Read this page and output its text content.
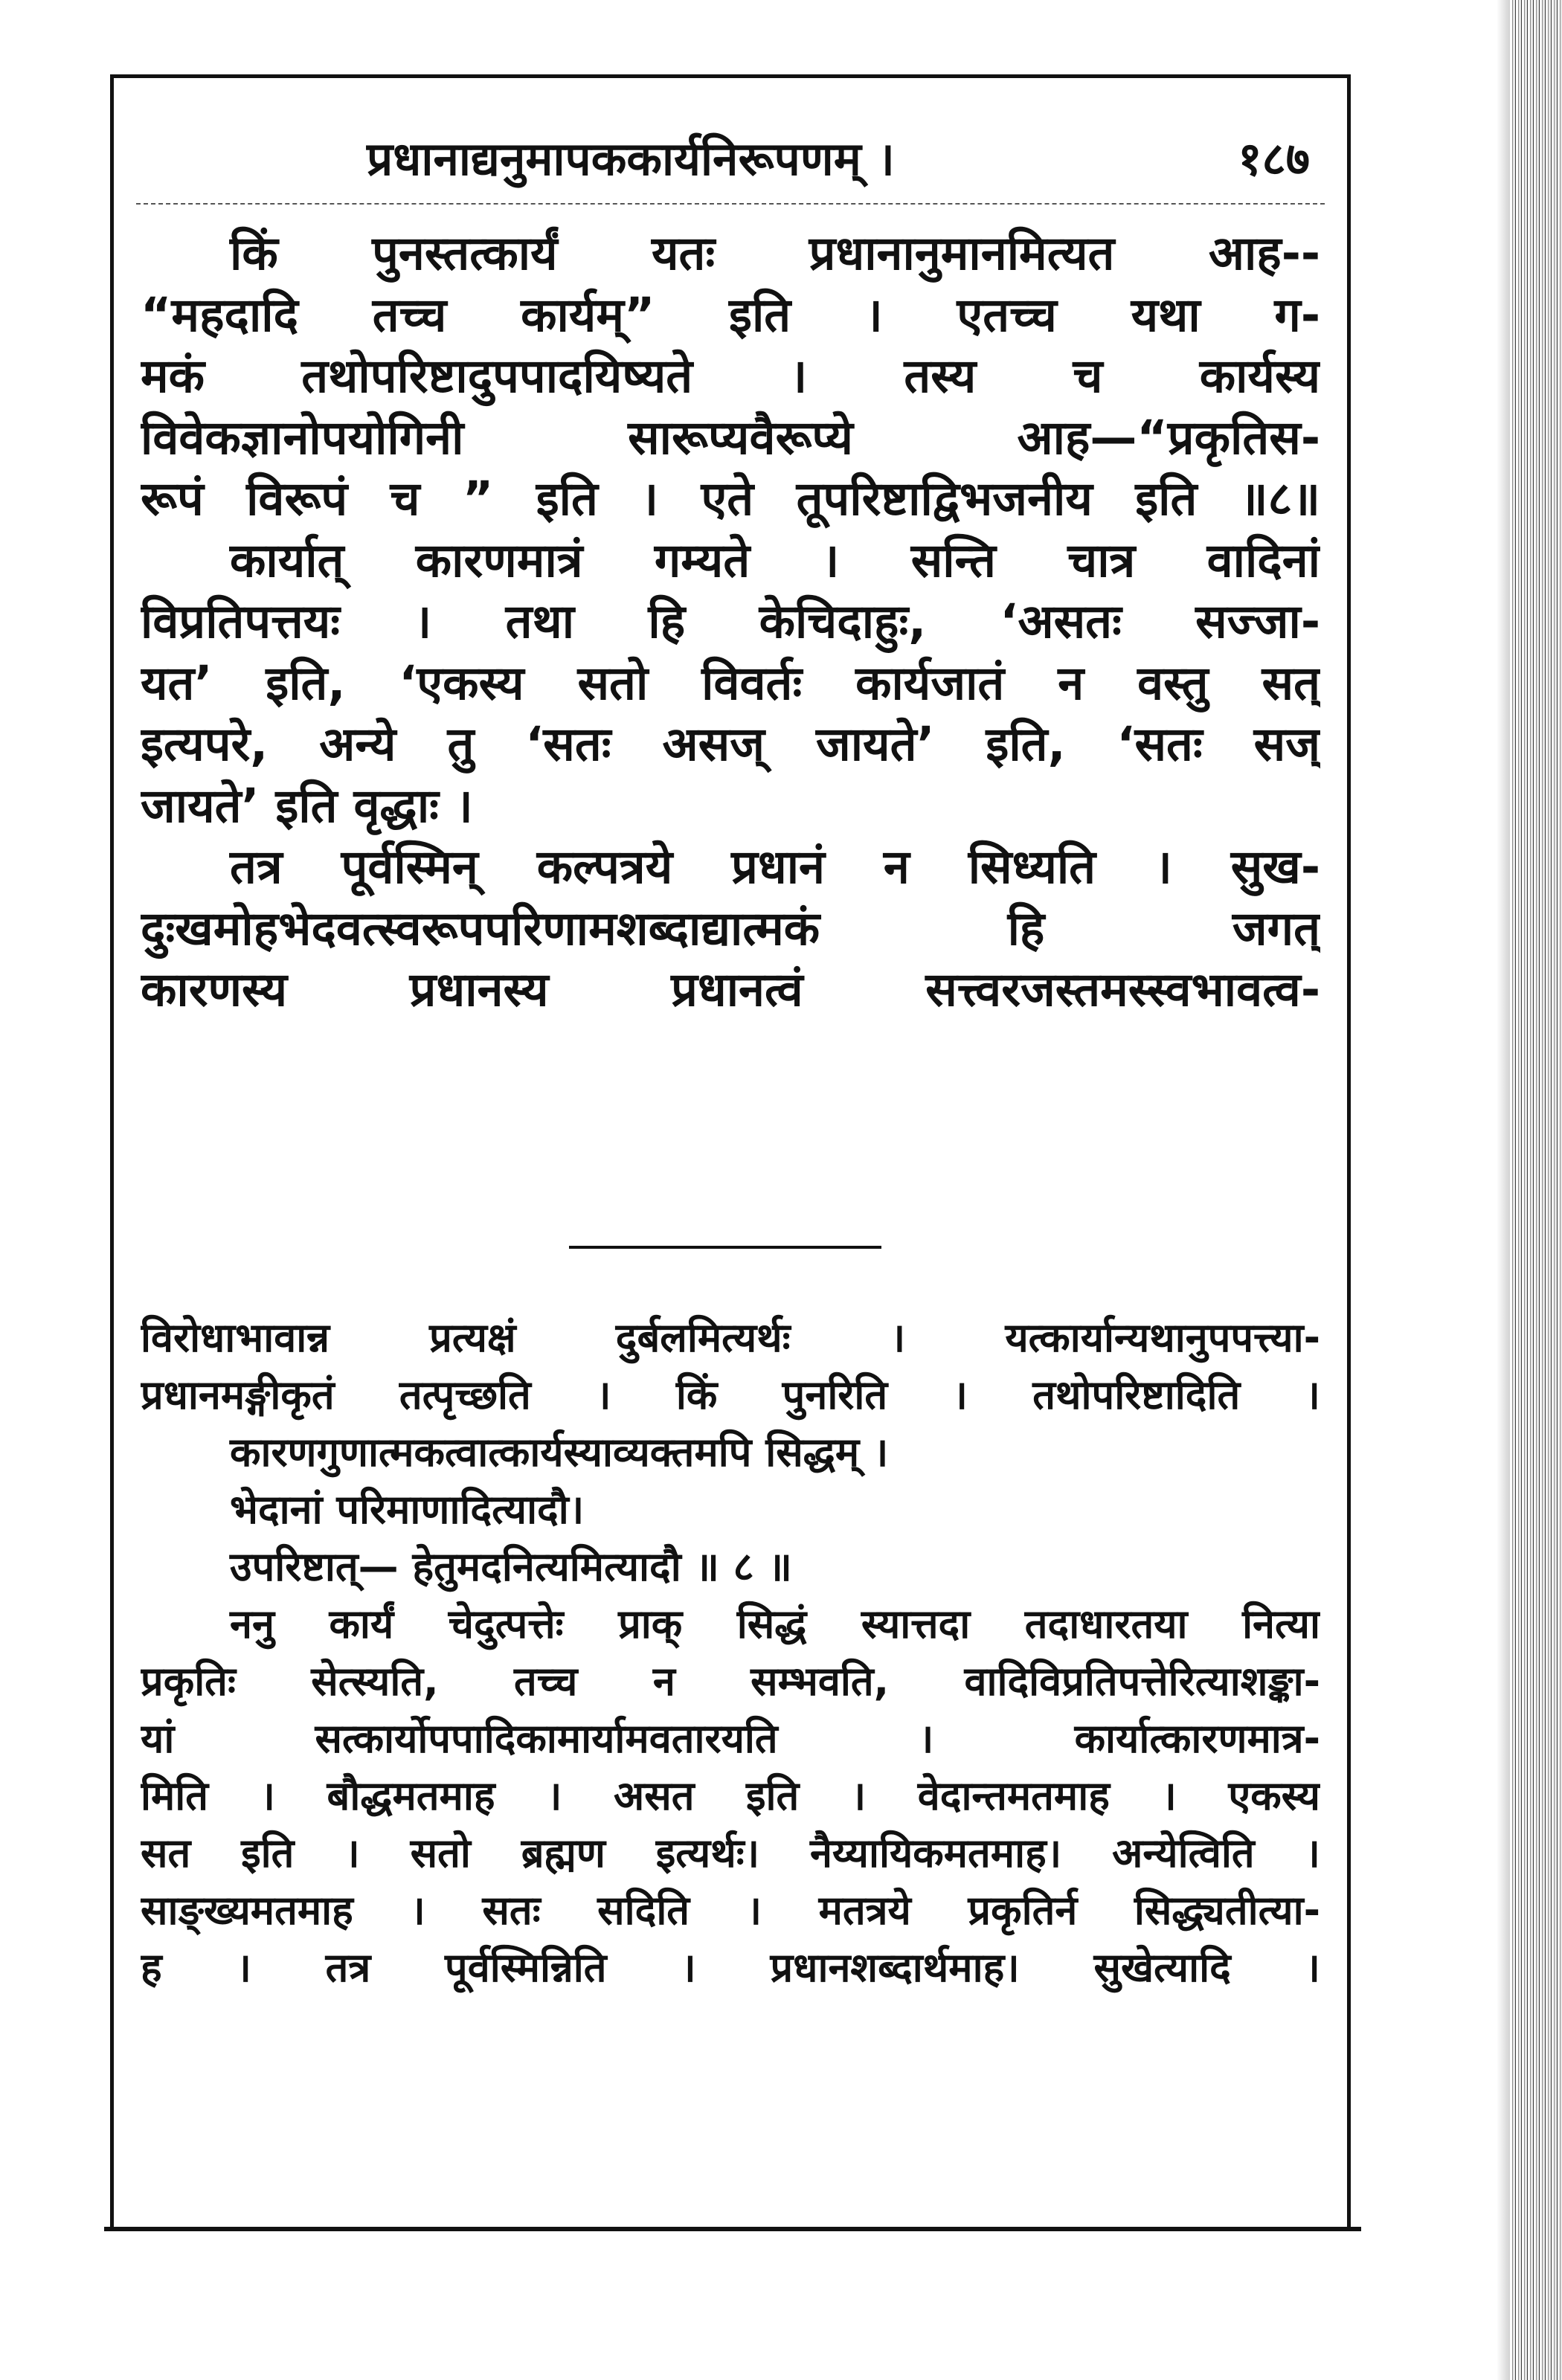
प्रधानाद्यनुमापककार्यनिरूपणम् ।	१८७
किं पुनस्तत्कार्यं यतः प्रधानानुमानमित्यत आह--
“महदादि तच्च कार्यम्” इति । एतच्च यथा ग-
मकं तथोपरिष्टादुपपादयिष्यते । तस्य च कार्यस्य
विवेकज्ञानोपयोगिनी सारूप्यवैरूप्ये आह—“प्रकृतिस-
रूपं विरूपं च ” इति । एते तूपरिष्टाद्विभजनीय इति ॥८॥
कार्यात् कारणमात्रं गम्यते । सन्ति चात्र वादिनां
विप्रतिपत्तयः । तथा हि केचिदाहुः, ‘असतः सज्जा-
यत’ इति, ‘एकस्य सतो विवर्तः कार्यजातं न वस्तु सत्
इत्यपरे, अन्ये तु ‘सतः असज् जायते’ इति, ‘सतः सज्
जायते’ इति वृद्धाः ।
तत्र पूर्वस्मिन् कल्पत्रये प्रधानं न सिध्यति । सुख-
दुःखमोहभेदवत्स्वरूपपरिणामशब्दाद्यात्मकं हि जगत्
कारणस्य प्रधानस्य प्रधानत्वं सत्त्वरजस्तमस्स्वभावत्व-
विरोधाभावान्न प्रत्यक्षं दुर्बलमित्यर्थः । यत्कार्यान्यथानुपपत्त्या-
प्रधानमङ्गीकृतं तत्पृच्छति । किं पुनरिति । तथोपरिष्टादिति ।
कारणगुणात्मकत्वात्कार्यस्याव्यक्तमपि सिद्धम् ।
भेदानां परिमाणादित्यादौ।
उपरिष्टात्— हेतुमदनित्यमित्यादौ ॥ ८ ॥
ननु कार्यं चेदुत्पत्तेः प्राक् सिद्धं स्यात्तदा तदाधारतया नित्या
प्रकृतिः सेत्स्यति, तच्च न सम्भवति, वादिविप्रतिपत्तेरित्याशङ्का-
यां सत्कार्योपपादिकामार्यामवतारयति । कार्यात्कारणमात्र-
मिति । बौद्धमतमाह । असत इति । वेदान्तमतमाह । एकस्य
सत इति । सतो ब्रह्मण इत्यर्थः। नैय्यायिकमतमाह। अन्येत्विति ।
साङ्ख्यमतमाह । सतः सदिति । मतत्रये प्रकृतिर्न सिद्ध्यतीत्या-
ह । तत्र पूर्वस्मिन्निति । प्रधानशब्दार्थमाह। सुखेत्यादि ।
